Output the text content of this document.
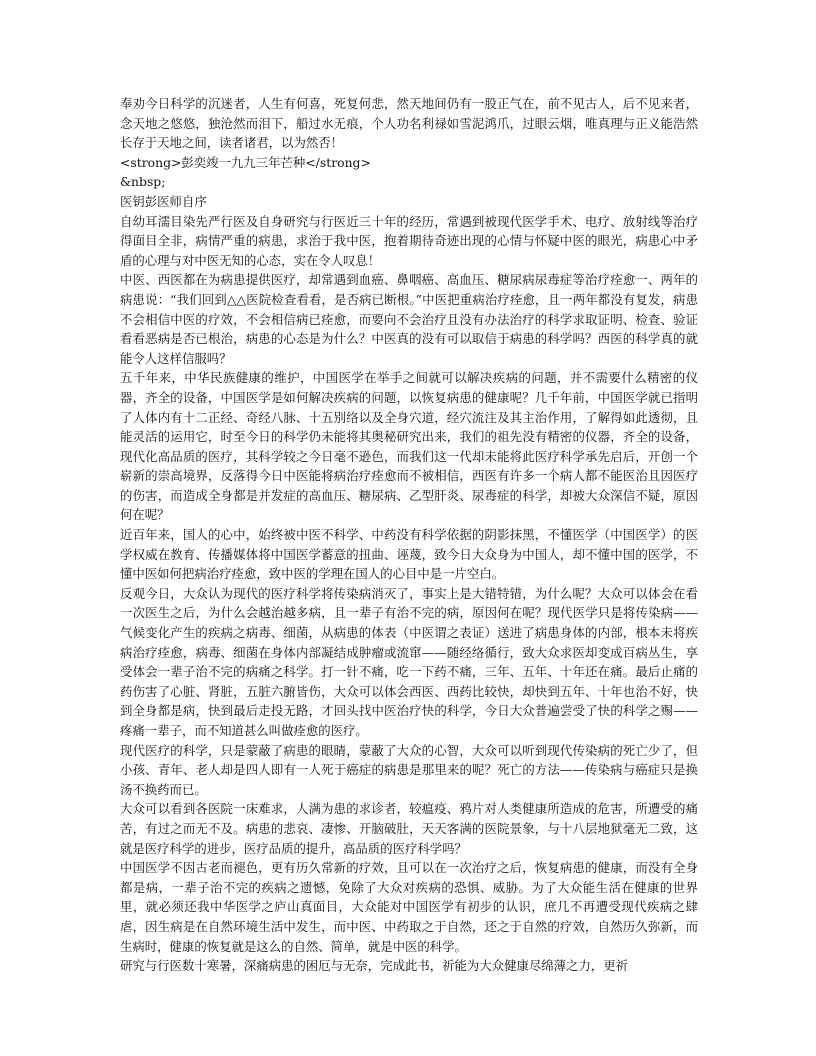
奉劝今日科学的沉迷者，人生有何喜，死复何悲，然天地间仍有一股正气在，前不见古人，后不见来者，念天地之悠悠，独沧然而泪下，船过水无痕，个人功名利禄如雪泥鸿爪，过眼云烟，唯真理与正义能浩然长存于天地之间，读者诸君，以为然否！

<strong>彭奕竣一九九三年芒种</strong>

&nbsp;

医钥彭医师自序

自幼耳濡目染先严行医及自身研究与行医近三十年的经历，常遇到被现代医学手术、电疗、放射线等治疗得面目全非，病情严重的病患，求治于我中医，抱着期待奇迹出现的心情与怀疑中医的眼光，病患心中矛盾的心理与对中医无知的心态，实在令人叹息！

中医、西医都在为病患提供医疗，却常遇到血癌、鼻咽癌、高血压、糖尿病尿毒症等治疗痊愈一、两年的病患说：“我们回到△△医院检查看看，是否病已断根。”中医把重病治疗痊愈，且一两年都没有复发，病患不会相信中医的疗效，不会相信病已痊愈，而要向不会治疗且没有办法治疗的科学求取证明、检查、验证看看恶病是否已根治，病患的心态是为什么？中医真的没有可以取信于病患的科学吗？西医的科学真的就能令人这样信服吗？

五千年来，中华民族健康的维护，中国医学在举手之间就可以解决疾病的问题，并不需要什么精密的仪器，齐全的设备，中国医学是如何解决疾病的问题，以恢复病患的健康呢？几千年前，中国医学就已指明了人体内有十二正经、奇经八脉、十五别络以及全身穴道，经穴流注及其主治作用，了解得如此透彻，且能灵活的运用它，时至今日的科学仍未能将其奥秘研究出来，我们的祖先没有精密的仪器，齐全的设备，现代化高品质的医疗，其科学较之今日毫不逊色，而我们这一代却未能将此医疗科学承先启后，开创一个崭新的崇高境界，反落得今日中医能将病治疗痊愈而不被相信，西医有许多一个病人都不能医治且因医疗的伤害，而造成全身都是并发症的高血压、糖尿病、乙型肝炎、尿毒症的科学，却被大众深信不疑，原因何在呢？

近百年来，国人的心中，始终被中医不科学、中药没有科学依据的阴影抹黑，不懂医学（中国医学）的医学权威在教育、传播媒体将中国医学蓄意的扭曲、诬蔑，致今日大众身为中国人，却不懂中国的医学，不懂中医如何把病治疗痊愈，致中医的学理在国人的心目中是一片空白。

反观今日，大众认为现代的医疗科学将传染病消灭了，事实上是大错特错，为什么呢？大众可以体会在看一次医生之后，为什么会越治越多病，且一辈子有治不完的病，原因何在呢？现代医学只是将传染病——气候变化产生的疾病之病毒、细菌，从病患的体表（中医谓之表证）送进了病患身体的内部，根本未将疾病治疗痊愈，病毒、细菌在身体内部凝结成肿瘤或流窜——随经络循行，致大众求医却变成百病丛生，享受体会一辈子治不完的病痛之科学。打一针不痛，吃一下药不痛，三年、五年、十年还在痛。最后止痛的药伤害了心脏、肾脏，五脏六腑皆伤，大众可以体会西医、西药比较快，却快到五年、十年也治不好，快到全身都是病，快到最后走投无路，才回头找中医治疗快的科学，今日大众普遍尝受了快的科学之赐——疼痛一辈子，而不知道甚么叫做痊愈的医疗。

现代医疗的科学，只是蒙蔽了病患的眼睛，蒙蔽了大众的心智，大众可以听到现代传染病的死亡少了，但小孩、青年、老人却是四人即有一人死于癌症的病患是那里来的呢？死亡的方法——传染病与癌症只是换汤不换药而已。

大众可以看到各医院一床难求，人满为患的求诊者，较瘟疫、鸦片对人类健康所造成的危害，所遭受的痛苦，有过之而无不及。病患的悲哀、凄惨、开脑破肚，天天客满的医院景象，与十八层地狱毫无二致，这就是医疗科学的进步，医疗品质的提升，高品质的医疗科学吗？

中国医学不因古老而褪色，更有历久常新的疗效，且可以在一次治疗之后，恢复病患的健康，而没有全身都是病，一辈子治不完的疾病之遗憾，免除了大众对疾病的恐惧、威胁。为了大众能生活在健康的世界里，就必须还我中华医学之庐山真面目，大众能对中国医学有初步的认识，庶几不再遭受现代疾病之肆虐，因生病是在自然环境生活中发生，而中医、中药取之于自然，还之于自然的疗效，自然历久弥新，而生病时，健康的恢复就是这么的自然、简单，就是中医的科学。

研究与行医数十寒暑，深痛病患的困厄与无奈，完成此书，祈能为大众健康尽绵薄之力，更祈
